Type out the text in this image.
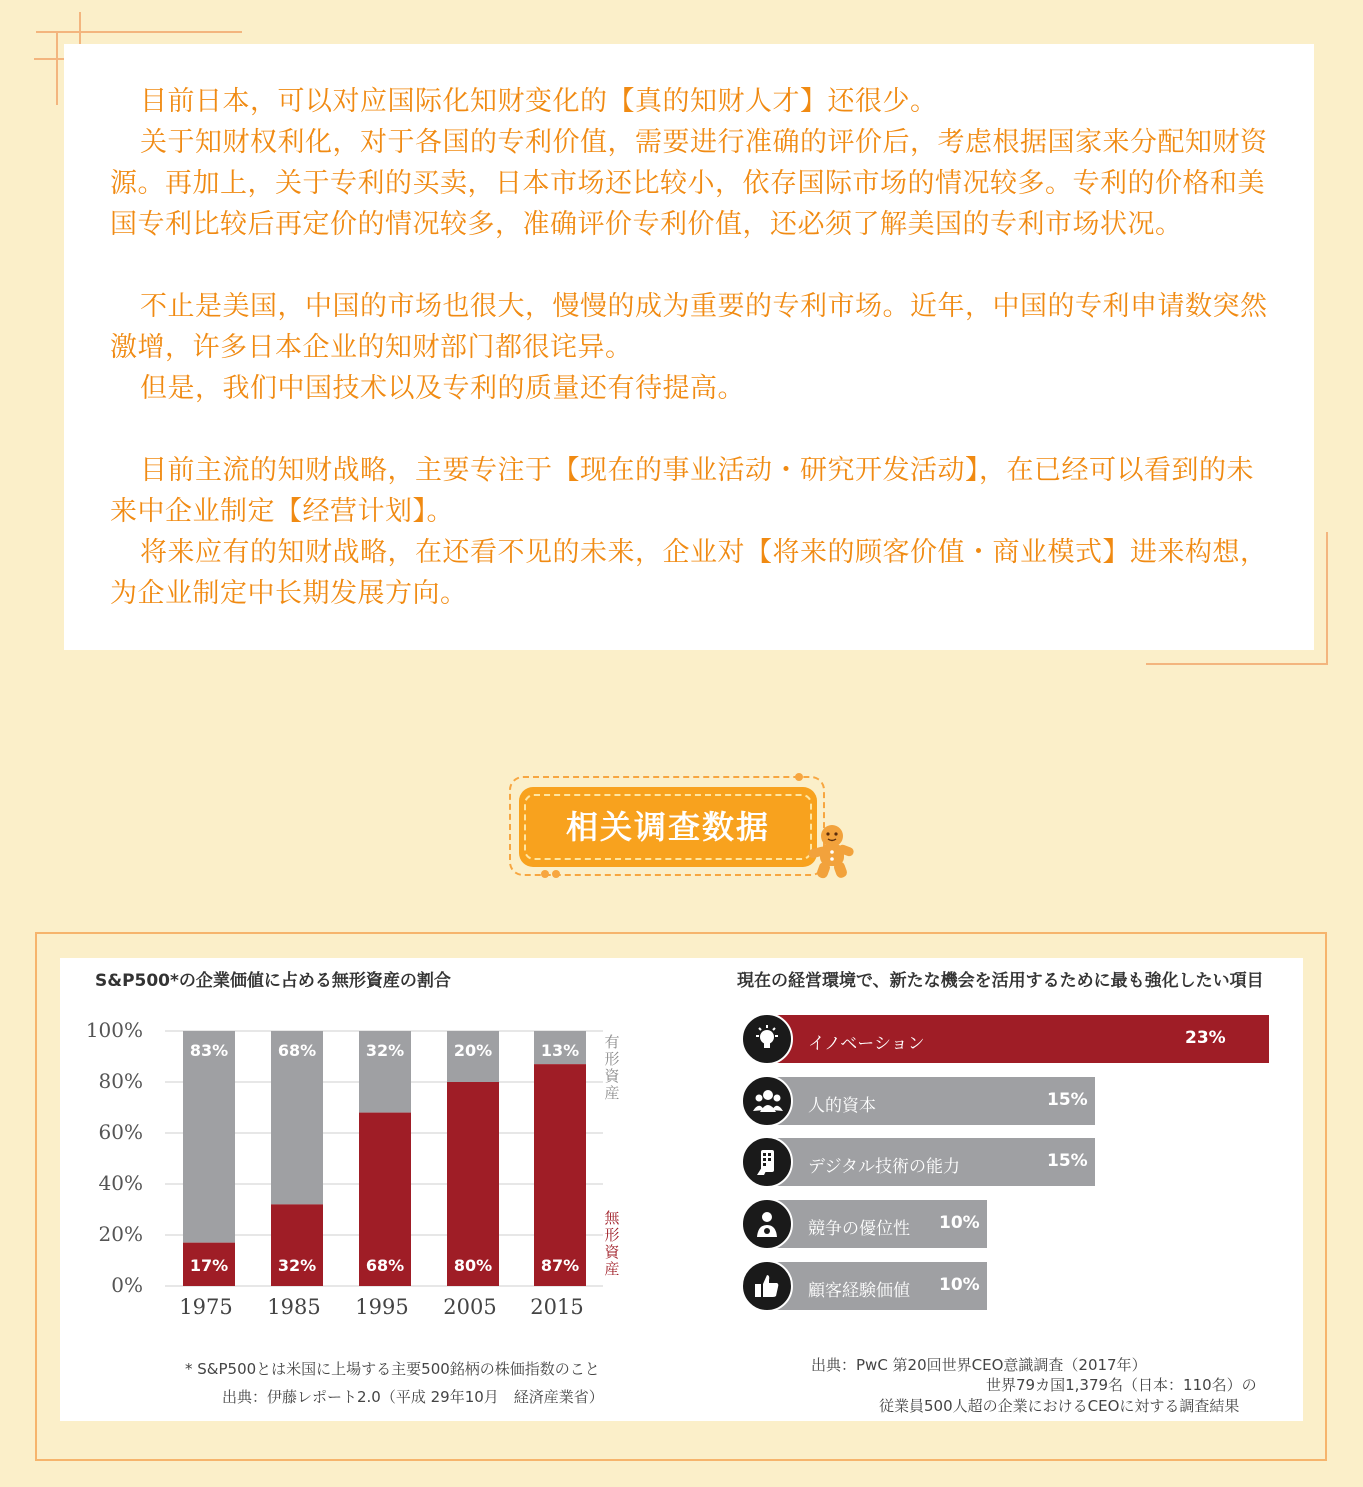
目前日本，可以对应国际化知财变化的【真的知财人才】还很少。

关于知财权利化，对于各国的专利价值，需要进行准确的评价后，考虑根据国家来分配知财资源。再加上，关于专利的买卖，日本市场还比较小，依存国际市场的情况较多。专利的价格和美国专利比较后再定价的情况较多，准确评价专利价值，还必须了解美国的专利市场状况。

不止是美国，中国的市场也很大，慢慢的成为重要的专利市场。近年，中国的专利申请数突然激增，许多日本企业的知财部门都很诧异。

但是，我们中国技术以及专利的质量还有待提高。

目前主流的知财战略，主要专注于【现在的事业活动・研究开发活动】，在已经可以看到的未来中企业制定【经营计划】。

将来应有的知财战略，在还看不见的未来，企业对【将来的顾客价值・商业模式】进来构想，为企业制定中长期发展方向。

相关调查数据
S&P500*の企業価値に占める無形資産の割合
100%
80%
60%
40%
20%
0%
83%
17%
1975
68%
32%
1985
32%
68%
1995
20%
80%
2005
13%
87%
2015
有形資産
無形資産
* S&P500とは米国に上場する主要500銘柄の株価指数のこと
出典：伊藤レポート2.0（平成 29年10月　経済産業省）
現在の経営環境で、新たな機会を活用するために最も強化したい項目
イノベーション	23%
人的資本	15%
デジタル技術の能力	15%
競争の優位性 10%
顧客経験価値 10%
出典：PwC 第20回世界CEO意識調査（2017年）
世界79カ国1,379名（日本：110名）の
従業員500人超の企業におけるCEOに対する調査結果
